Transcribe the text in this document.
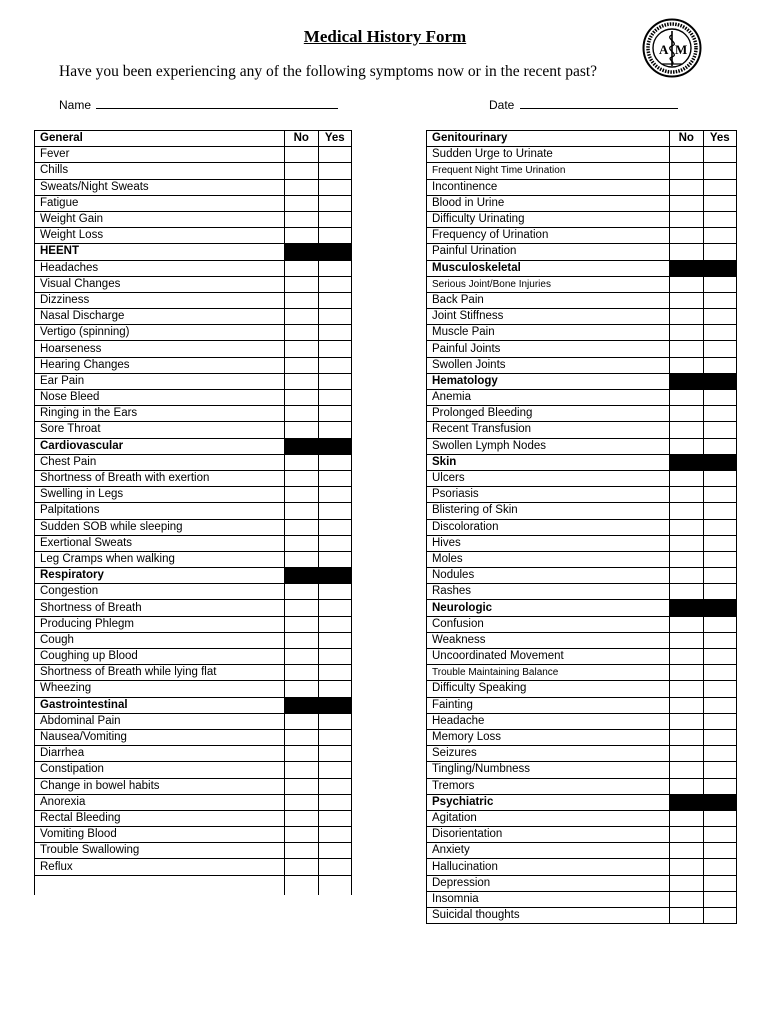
Medical History Form
A M
Have you been experiencing any of the following symptoms now or in the recent past?
Name	Date
General	No	Yes
Fever		
Chills		
Sweats/Night Sweats		
Fatigue		
Weight Gain		
Weight Loss		
HEENT		
Headaches		
Visual Changes		
Dizziness		
Nasal Discharge		
Vertigo (spinning)		
Hoarseness		
Hearing Changes		
Ear Pain		
Nose Bleed		
Ringing in the Ears		
Sore Throat		
Cardiovascular		
Chest Pain		
Shortness of Breath with exertion		
Swelling in Legs		
Palpitations		
Sudden SOB while sleeping		
Exertional Sweats		
Leg Cramps when walking		
Respiratory		
Congestion		
Shortness of Breath		
Producing Phlegm		
Cough		
Coughing up Blood		
Shortness of Breath while lying flat		
Wheezing		
Gastrointestinal		
Abdominal Pain		
Nausea/Vomiting		
Diarrhea		
Constipation		
Change in bowel habits		
Anorexia		
Rectal Bleeding		
Vomiting Blood		
Trouble Swallowing		
Reflux		

Genitourinary	No	Yes
Sudden Urge to Urinate		
Frequent Night Time Urination		
Incontinence		
Blood in Urine		
Difficulty Urinating		
Frequency of Urination		
Painful Urination		
Musculoskeletal		
Serious Joint/Bone Injuries		
Back Pain		
Joint Stiffness		
Muscle Pain		
Painful Joints		
Swollen Joints		
Hematology		
Anemia		
Prolonged Bleeding		
Recent Transfusion		
Swollen Lymph Nodes		
Skin		
Ulcers		
Psoriasis		
Blistering of Skin		
Discoloration		
Hives		
Moles		
Nodules		
Rashes		
Neurologic		
Confusion		
Weakness		
Uncoordinated Movement		
Trouble Maintaining Balance		
Difficulty Speaking		
Fainting		
Headache		
Memory Loss		
Seizures		
Tingling/Numbness		
Tremors		
Psychiatric		
Agitation		
Disorientation		
Anxiety		
Hallucination		
Depression		
Insomnia		
Suicidal thoughts		
